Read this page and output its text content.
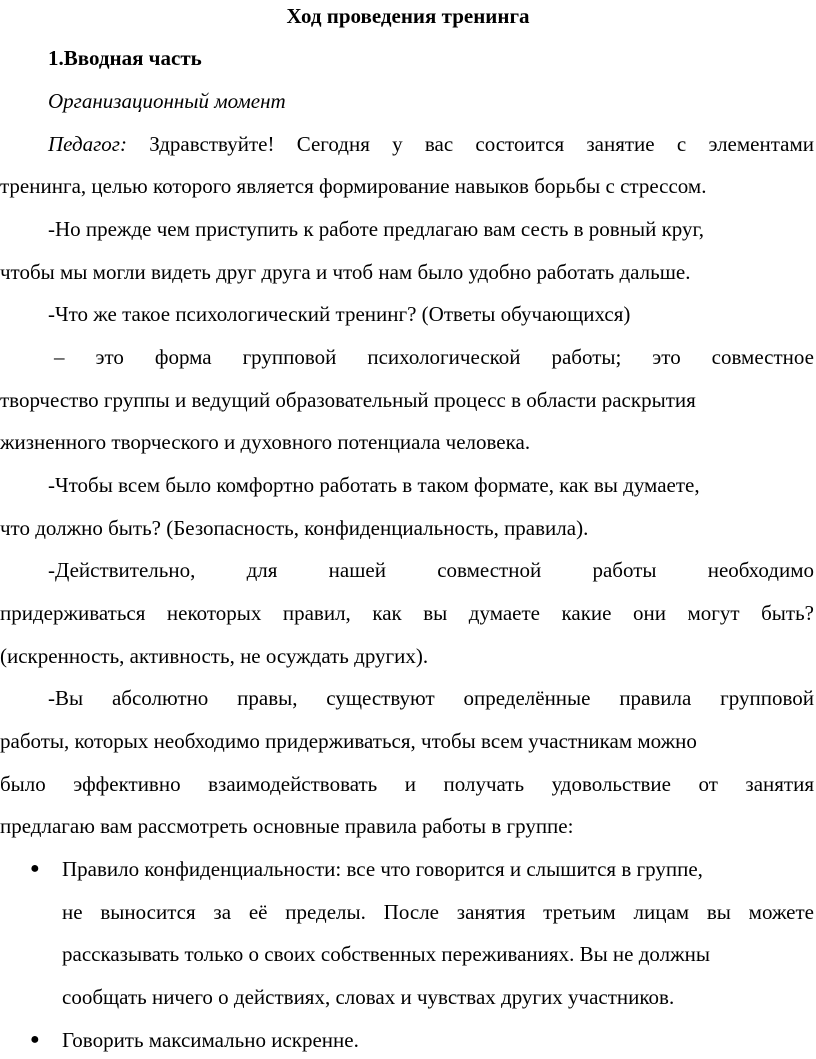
Ход проведения тренинга
1.Вводная часть
Организационный момент
Педагог: Здравствуйте! Сегодня у вас состоится занятие с элементами
тренинга, целью которого является формирование навыков борьбы с стрессом.
-Но прежде чем приступить к работе предлагаю вам сесть в ровный круг,
чтобы мы могли видеть друг друга и чтоб нам было удобно работать дальше.
-Что же такое психологический тренинг? (Ответы обучающихся)
– это форма групповой психологической работы; это совместное
творчество группы и ведущий образовательный процесс в области раскрытия
жизненного творческого и духовного потенциала человека.
-Чтобы всем было комфортно работать в таком формате, как вы думаете,
что должно быть? (Безопасность, конфиденциальность, правила).
-Действительно, для нашей совместной работы необходимо
придерживаться некоторых правил, как вы думаете какие они могут быть?
(искренность, активность, не осуждать других).
-Вы абсолютно правы, существуют определённые правила групповой
работы, которых необходимо придерживаться, чтобы всем участникам можно
было эффективно взаимодействовать и получать удовольствие от занятия
предлагаю вам рассмотреть основные правила работы в группе:
● Правило конфиденциальности: все что говорится и слышится в группе,
не выносится за её пределы. После занятия третьим лицам вы можете
рассказывать только о своих собственных переживаниях. Вы не должны
сообщать ничего о действиях, словах и чувствах других участников.
● Говорить максимально искренне.
